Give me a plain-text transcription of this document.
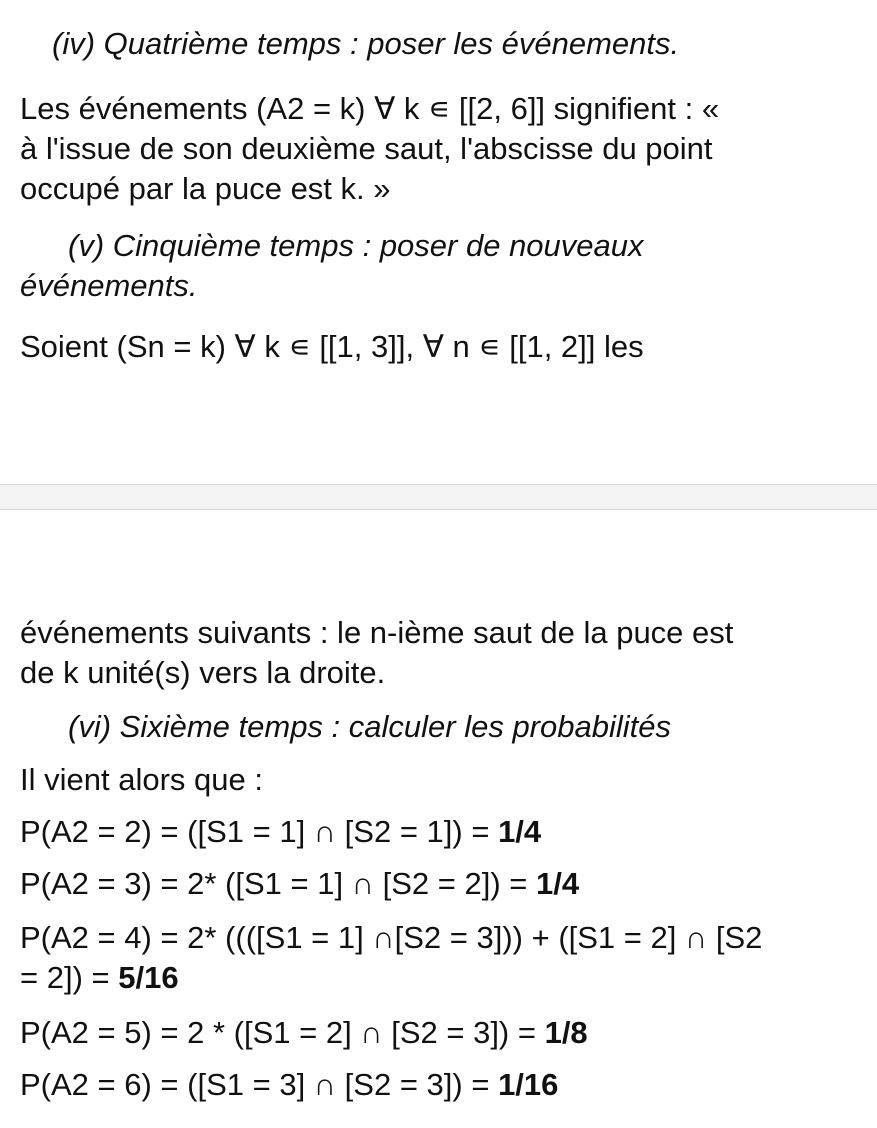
(iv) Quatrième temps : poser les événements.
Les événements (A2 = k) ∀ k ∊ [[2, 6]] signifient : «
à l'issue de son deuxième saut, l'abscisse du point
occupé par la puce est k. »
(v) Cinquième temps : poser de nouveaux
événements.
Soient (Sn = k) ∀ k ∊ [[1, 3]], ∀ n ∊ [[1, 2]] les
événements suivants : le n-ième saut de la puce est
de k unité(s) vers la droite.
(vi) Sixième temps : calculer les probabilités
Il vient alors que :
P(A2 = 2) = ([S1 = 1] ∩ [S2 = 1]) = 1/4
P(A2 = 3) = 2* ([S1 = 1] ∩ [S2 = 2]) = 1/4
P(A2 = 4) = 2* ((([S1 = 1] ∩[S2 = 3])) + ([S1 = 2] ∩ [S2
= 2]) = 5/16
P(A2 = 5) = 2 * ([S1 = 2] ∩ [S2 = 3]) = 1/8
P(A2 = 6) = ([S1 = 3] ∩ [S2 = 3]) = 1/16
